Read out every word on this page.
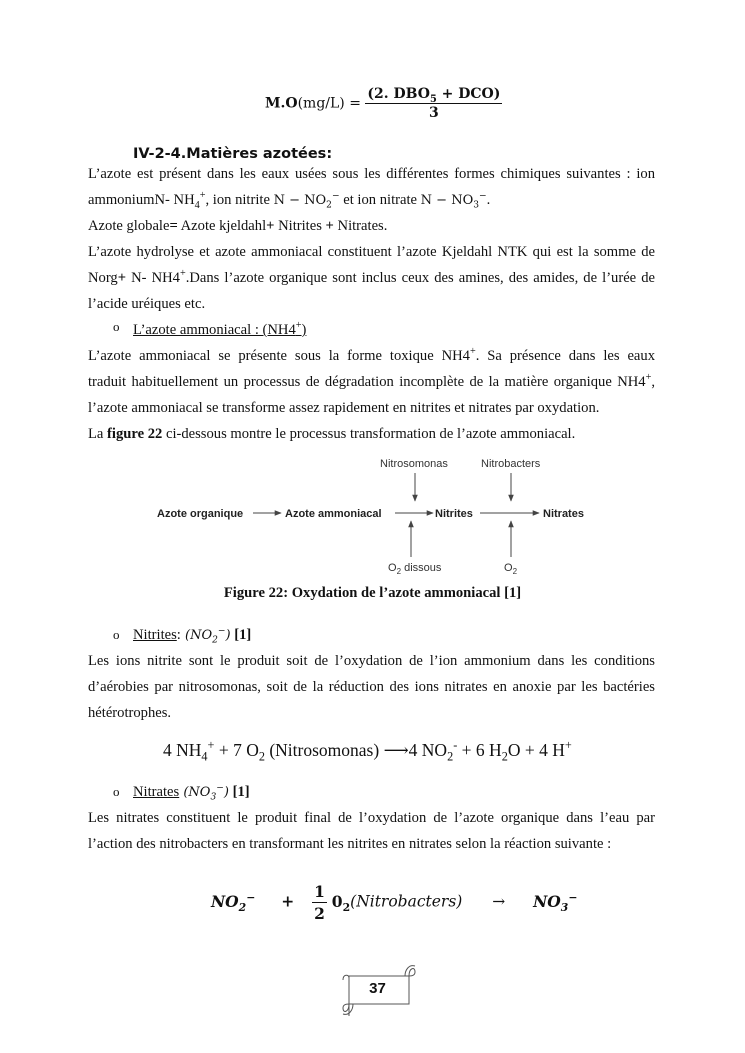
$M.O(mg/L) = \frac{(2. DBO_5 + DCO)}{3}$
IV-2-4.Matières azotées:
L’azote est présent dans les eaux usées sous les différentes formes chimiques suivantes : ion
ammoniumN- $NH_4^+$, ion nitrite $N - NO_2^-$ et ion nitrate $N - NO_3^-$.
Azote globale= Azote kjeldahl+ Nitrites + Nitrates.
L’azote hydrolyse et azote ammoniacal constituent l’azote Kjeldahl NTK qui est la somme de
Norg+ N- NH4+.Dans l’azote organique sont inclus ceux des amines, des amides, de l’urée de
l’acide uréiques etc.
o L’azote ammoniacal : (NH4+)
L’azote ammoniacal se présente sous la forme toxique NH4+. Sa présence dans les eaux
traduit habituellement un processus de dégradation incomplète de la matière organique NH4+,
l’azote ammoniacal se transforme assez rapidement en nitrites et nitrates par oxydation.
La figure 22 ci-dessous montre le processus transformation de l’azote ammoniacal.
Nitrosomonas	Nitrobacters
Azote organique	Azote ammoniacal	Nitrites	Nitrates
$O_2$ dissous	$O_2$
Figure 22: Oxydation de l’azote ammoniacal [1]
o Nitrites: $(NO_2^-)$ [1]
Les ions nitrite sont le produit soit de l’oxydation de l’ion ammonium dans les conditions
d’aérobies par nitrosomonas, soit de la réduction des ions nitrates en anoxie par les bactéries
hétérotrophes.
4 $NH_4^+ + 7$ $O_2$ (Nitrosomonas) ⟶4 $NO_2^- + 6$ $H_2O + 4$ H+
o Nitrates $(NO_3^-)$ [1]
Les nitrates constituent le produit final de l’oxydation de l’azote organique dans l’eau par
l’action des nitrobacters en transformant les nitrites en nitrates selon la réaction suivante :
$NO_2^- + \frac{1}{2}$ $0_2(Nitrobacters) \to NO_3^-$
37
